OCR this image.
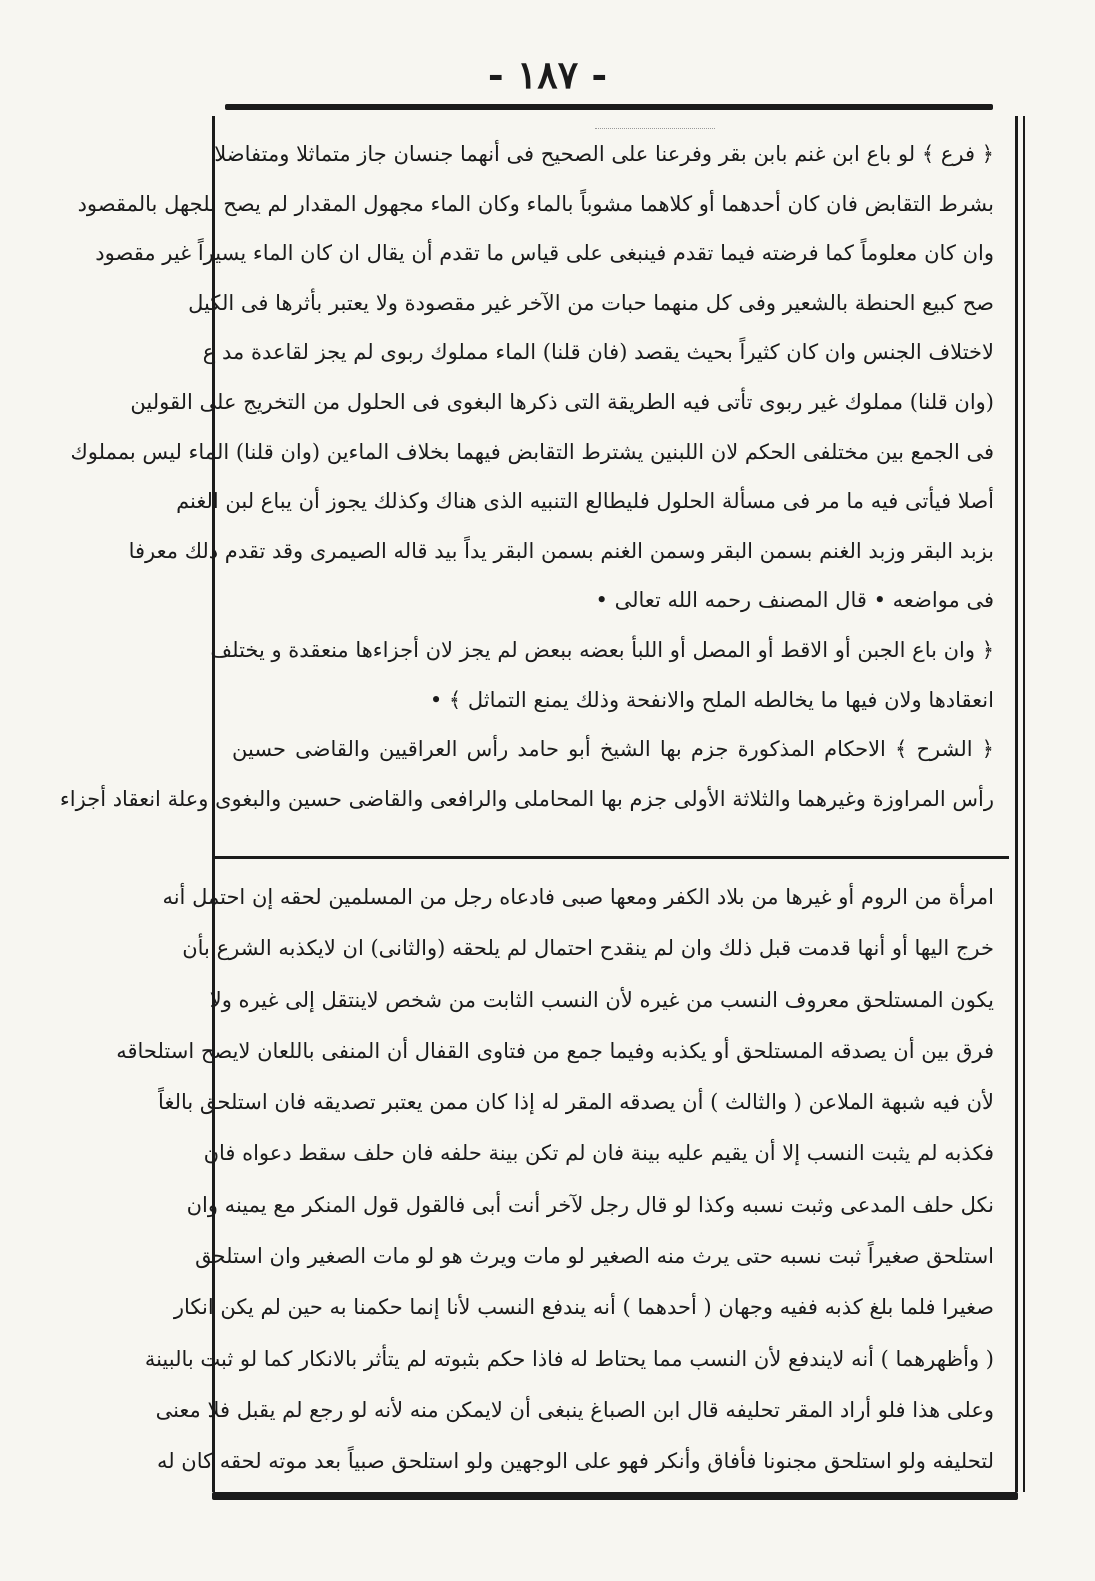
- ١٨٧ -
﴿ فرع ﴾ لو باع ابن غنم بابن بقر وفرعنا على الصحيح فى أنهما جنسان جاز متماثلا ومتفاضلا
بشرط التقابض فان كان أحدهما أو كلاهما مشوباً بالماء وكان الماء مجهول المقدار لم يصح للجهل بالمقصود
وان كان معلوماً كما فرضته فيما تقدم فينبغى على قياس ما تقدم أن يقال ان كان الماء يسيراً غير مقصود
صح كبيع الحنطة بالشعير وفى كل منهما حبات من الآخر غير مقصودة ولا يعتبر بأثرها فى الكيل
لاختلاف الجنس وان كان كثيراً بحيث يقصد (فان قلنا) الماء مملوك ربوى لم يجز لقاعدة مد ع
(وان قلنا) مملوك غير ربوى تأتى فيه الطريقة التى ذكرها البغوى فى الحلول من التخريج على القولين
فى الجمع بين مختلفى الحكم لان اللبنين يشترط التقابض فيهما بخلاف الماءين (وان قلنا) الماء ليس بمملوك
أصلا فيأتى فيه ما مر فى مسألة الحلول فليطالع التنبيه الذى هناك وكذلك يجوز أن يباع لبن الغنم
بزبد البقر وزبد الغنم بسمن البقر وسمن الغنم بسمن البقر يداً بيد قاله الصيمرى وقد تقدم ذلك معرفا
فى مواضعه • قال المصنف رحمه الله تعالى •
﴿ وان باع الجبن أو الاقط أو المصل أو اللبأ بعضه ببعض لم يجز لان أجزاءها منعقدة و يختلف
انعقادها ولان فيها ما يخالطه الملح والانفحة وذلك يمنع التماثل ﴾ •
﴿ الشرح ﴾ الاحكام المذكورة جزم بها الشيخ أبو حامد رأس العراقيين والقاضى حسين
رأس المراوزة وغيرهما والثلاثة الأولى جزم بها المحاملى والرافعى والقاضى حسين والبغوى وعلة انعقاد أجزاء
امرأة من الروم أو غيرها من بلاد الكفر ومعها صبى فادعاه رجل من المسلمين لحقه إن احتمل أنه
خرج اليها أو أنها قدمت قبل ذلك وان لم ينقدح احتمال لم يلحقه (والثانى) ان لايكذبه الشرع بأن
يكون المستلحق معروف النسب من غيره لأن النسب الثابت من شخص لاينتقل إلى غيره ولا
فرق بين أن يصدقه المستلحق أو يكذبه وفيما جمع من فتاوى القفال أن المنفى باللعان لايصح استلحاقه
لأن فيه شبهة الملاعن ( والثالث ) أن يصدقه المقر له إذا كان ممن يعتبر تصديقه فان استلحق بالغاً
فكذبه لم يثبت النسب إلا أن يقيم عليه بينة فان لم تكن بينة حلفه فان حلف سقط دعواه فان
نكل حلف المدعى وثبت نسبه وكذا لو قال رجل لآخر أنت أبى فالقول قول المنكر مع يمينه وان
استلحق صغيراً ثبت نسبه حتى يرث منه الصغير لو مات ويرث هو لو مات الصغير وان استلحق
صغيرا فلما بلغ كذبه ففيه وجهان ( أحدهما ) أنه يندفع النسب لأنا إنما حكمنا به حين لم يكن انكار
( وأظهرهما ) أنه لايندفع لأن النسب مما يحتاط له فاذا حكم بثبوته لم يتأثر بالانكار كما لو ثبت بالبينة
وعلى هذا فلو أراد المقر تحليفه قال ابن الصباغ ينبغى أن لايمكن منه لأنه لو رجع لم يقبل فلا معنى
لتحليفه ولو استلحق مجنونا فأفاق وأنكر فهو على الوجهين ولو استلحق صبياً بعد موته لحقه كان له
